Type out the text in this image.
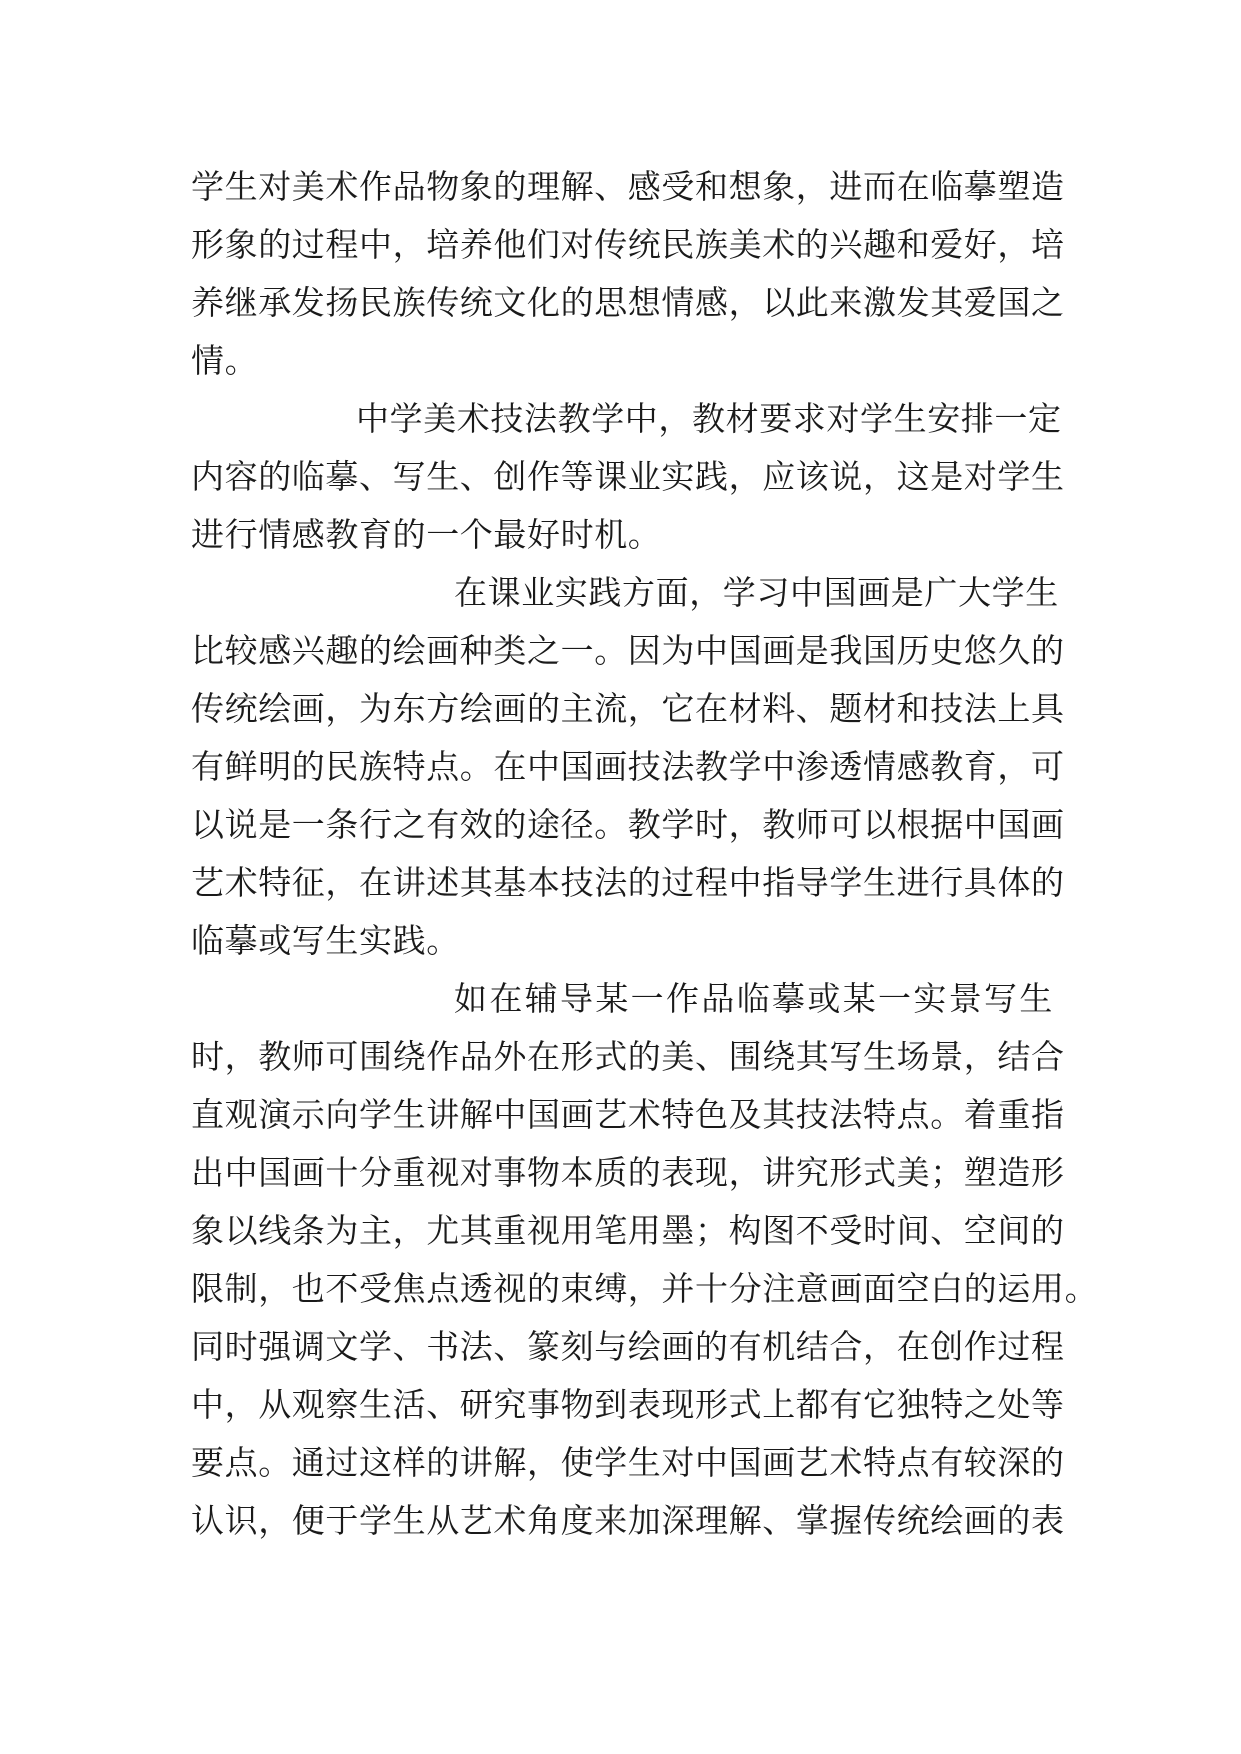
学生对美术作品物象的理解、感受和想象，进而在临摹塑造
形象的过程中，培养他们对传统民族美术的兴趣和爱好，培
养继承发扬民族传统文化的思想情感，以此来激发其爱国之
情。
中学美术技法教学中，教材要求对学生安排一定
内容的临摹、写生、创作等课业实践，应该说，这是对学生
进行情感教育的一个最好时机。
在课业实践方面，学习中国画是广大学生
比较感兴趣的绘画种类之一。因为中国画是我国历史悠久的
传统绘画，为东方绘画的主流，它在材料、题材和技法上具
有鲜明的民族特点。在中国画技法教学中渗透情感教育，可
以说是一条行之有效的途径。教学时，教师可以根据中国画
艺术特征，在讲述其基本技法的过程中指导学生进行具体的
临摹或写生实践。
如在辅导某一作品临摹或某一实景写生
时，教师可围绕作品外在形式的美、围绕其写生场景，结合
直观演示向学生讲解中国画艺术特色及其技法特点。着重指
出中国画十分重视对事物本质的表现，讲究形式美；塑造形
象以线条为主，尤其重视用笔用墨；构图不受时间、空间的
限制，也不受焦点透视的束缚，并十分注意画面空白的运用。
同时强调文学、书法、篆刻与绘画的有机结合，在创作过程
中，从观察生活、研究事物到表现形式上都有它独特之处等
要点。通过这样的讲解，使学生对中国画艺术特点有较深的
认识，便于学生从艺术角度来加深理解、掌握传统绘画的表
